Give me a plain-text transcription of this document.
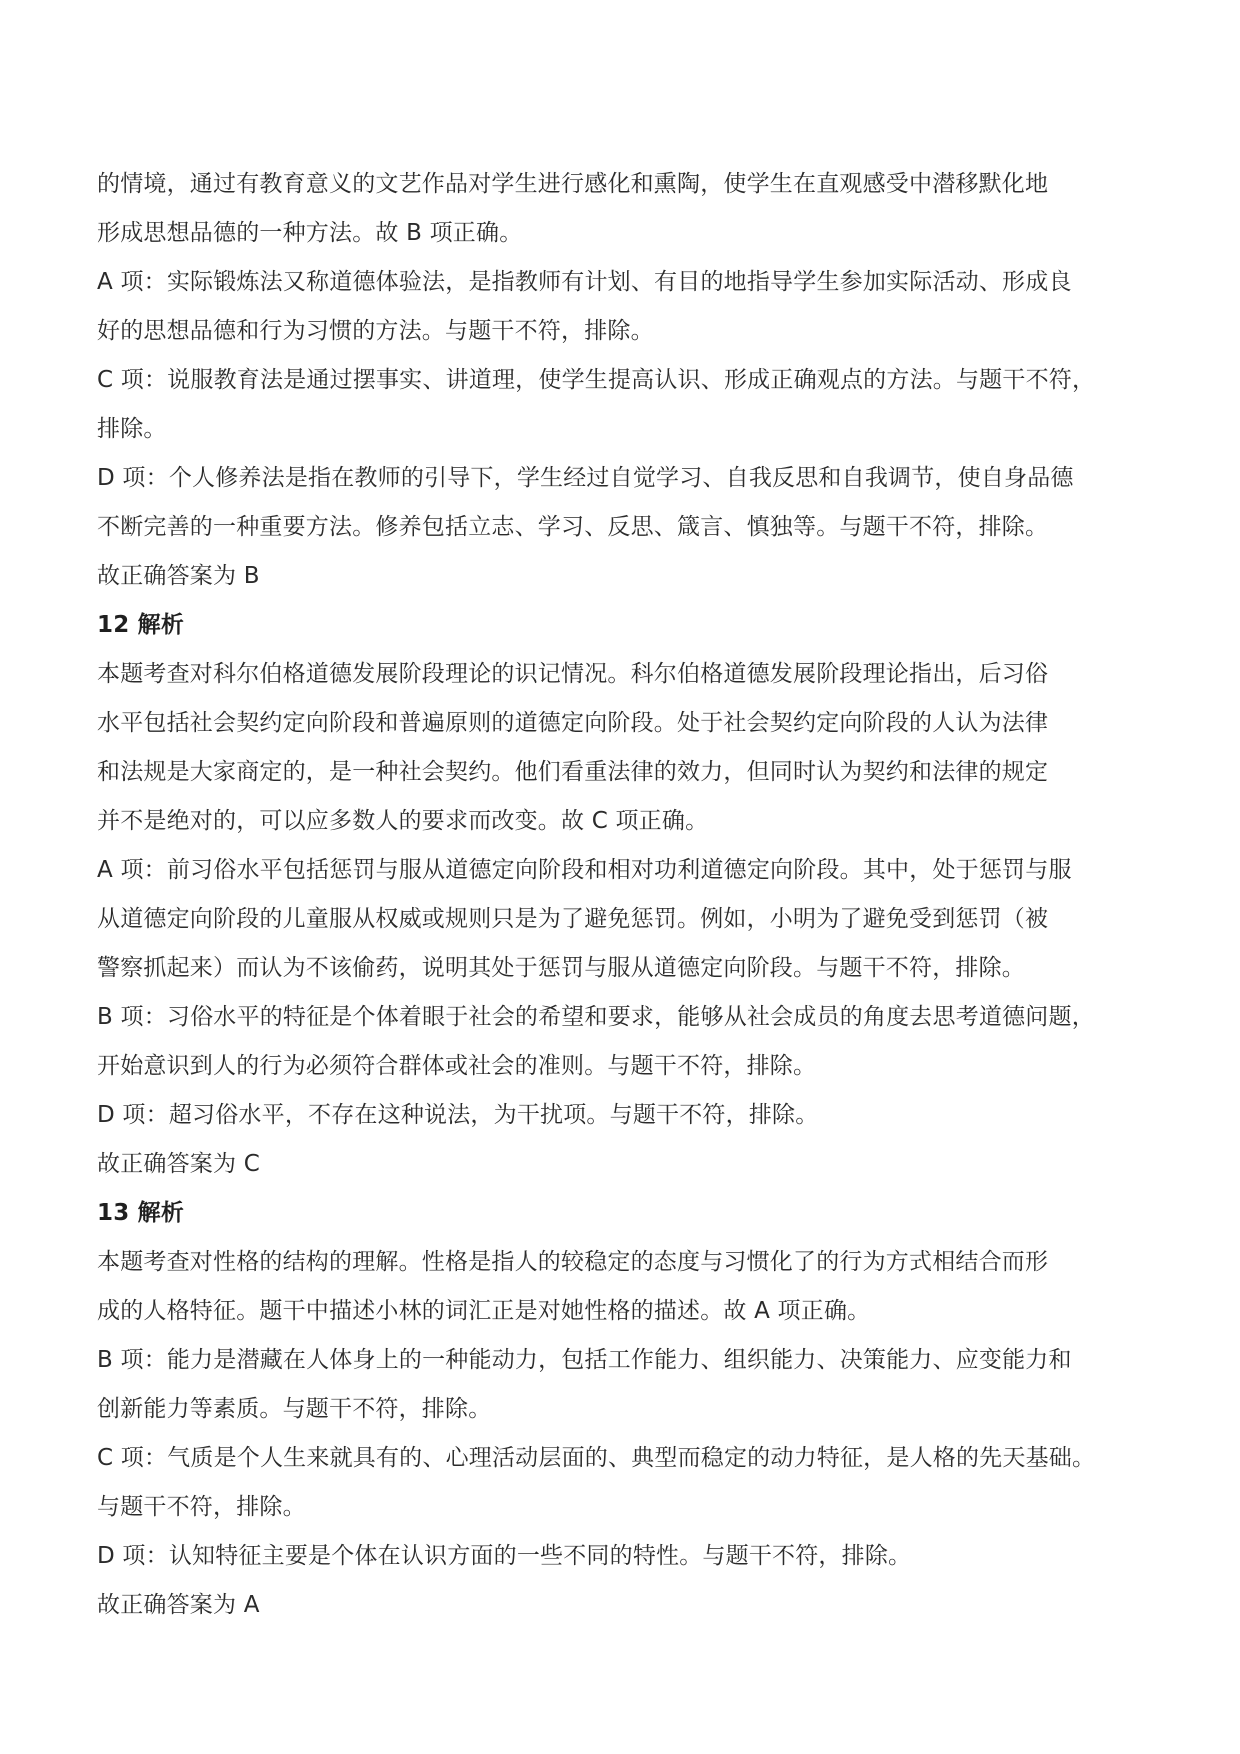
的情境，通过有教育意义的文艺作品对学生进行感化和熏陶，使学生在直观感受中潜移默化地
形成思想品德的一种方法。故 B 项正确。
A 项：实际锻炼法又称道德体验法，是指教师有计划、有目的地指导学生参加实际活动、形成良
好的思想品德和行为习惯的方法。与题干不符，排除。
C 项：说服教育法是通过摆事实、讲道理，使学生提高认识、形成正确观点的方法。与题干不符，
排除。
D 项：个人修养法是指在教师的引导下，学生经过自觉学习、自我反思和自我调节，使自身品德
不断完善的一种重要方法。修养包括立志、学习、反思、箴言、慎独等。与题干不符，排除。
故正确答案为 B
12 解析
本题考查对科尔伯格道德发展阶段理论的识记情况。科尔伯格道德发展阶段理论指出，后习俗
水平包括社会契约定向阶段和普遍原则的道德定向阶段。处于社会契约定向阶段的人认为法律
和法规是大家商定的，是一种社会契约。他们看重法律的效力，但同时认为契约和法律的规定
并不是绝对的，可以应多数人的要求而改变。故 C 项正确。
A 项：前习俗水平包括惩罚与服从道德定向阶段和相对功利道德定向阶段。其中，处于惩罚与服
从道德定向阶段的儿童服从权威或规则只是为了避免惩罚。例如，小明为了避免受到惩罚（被
警察抓起来）而认为不该偷药，说明其处于惩罚与服从道德定向阶段。与题干不符，排除。
B 项：习俗水平的特征是个体着眼于社会的希望和要求，能够从社会成员的角度去思考道德问题，
开始意识到人的行为必须符合群体或社会的准则。与题干不符，排除。
D 项：超习俗水平，不存在这种说法，为干扰项。与题干不符，排除。
故正确答案为 C
13 解析
本题考查对性格的结构的理解。性格是指人的较稳定的态度与习惯化了的行为方式相结合而形
成的人格特征。题干中描述小林的词汇正是对她性格的描述。故 A 项正确。
B 项：能力是潜藏在人体身上的一种能动力，包括工作能力、组织能力、决策能力、应变能力和
创新能力等素质。与题干不符，排除。
C 项：气质是个人生来就具有的、心理活动层面的、典型而稳定的动力特征，是人格的先天基础。
与题干不符，排除。
D 项：认知特征主要是个体在认识方面的一些不同的特性。与题干不符，排除。
故正确答案为 A
